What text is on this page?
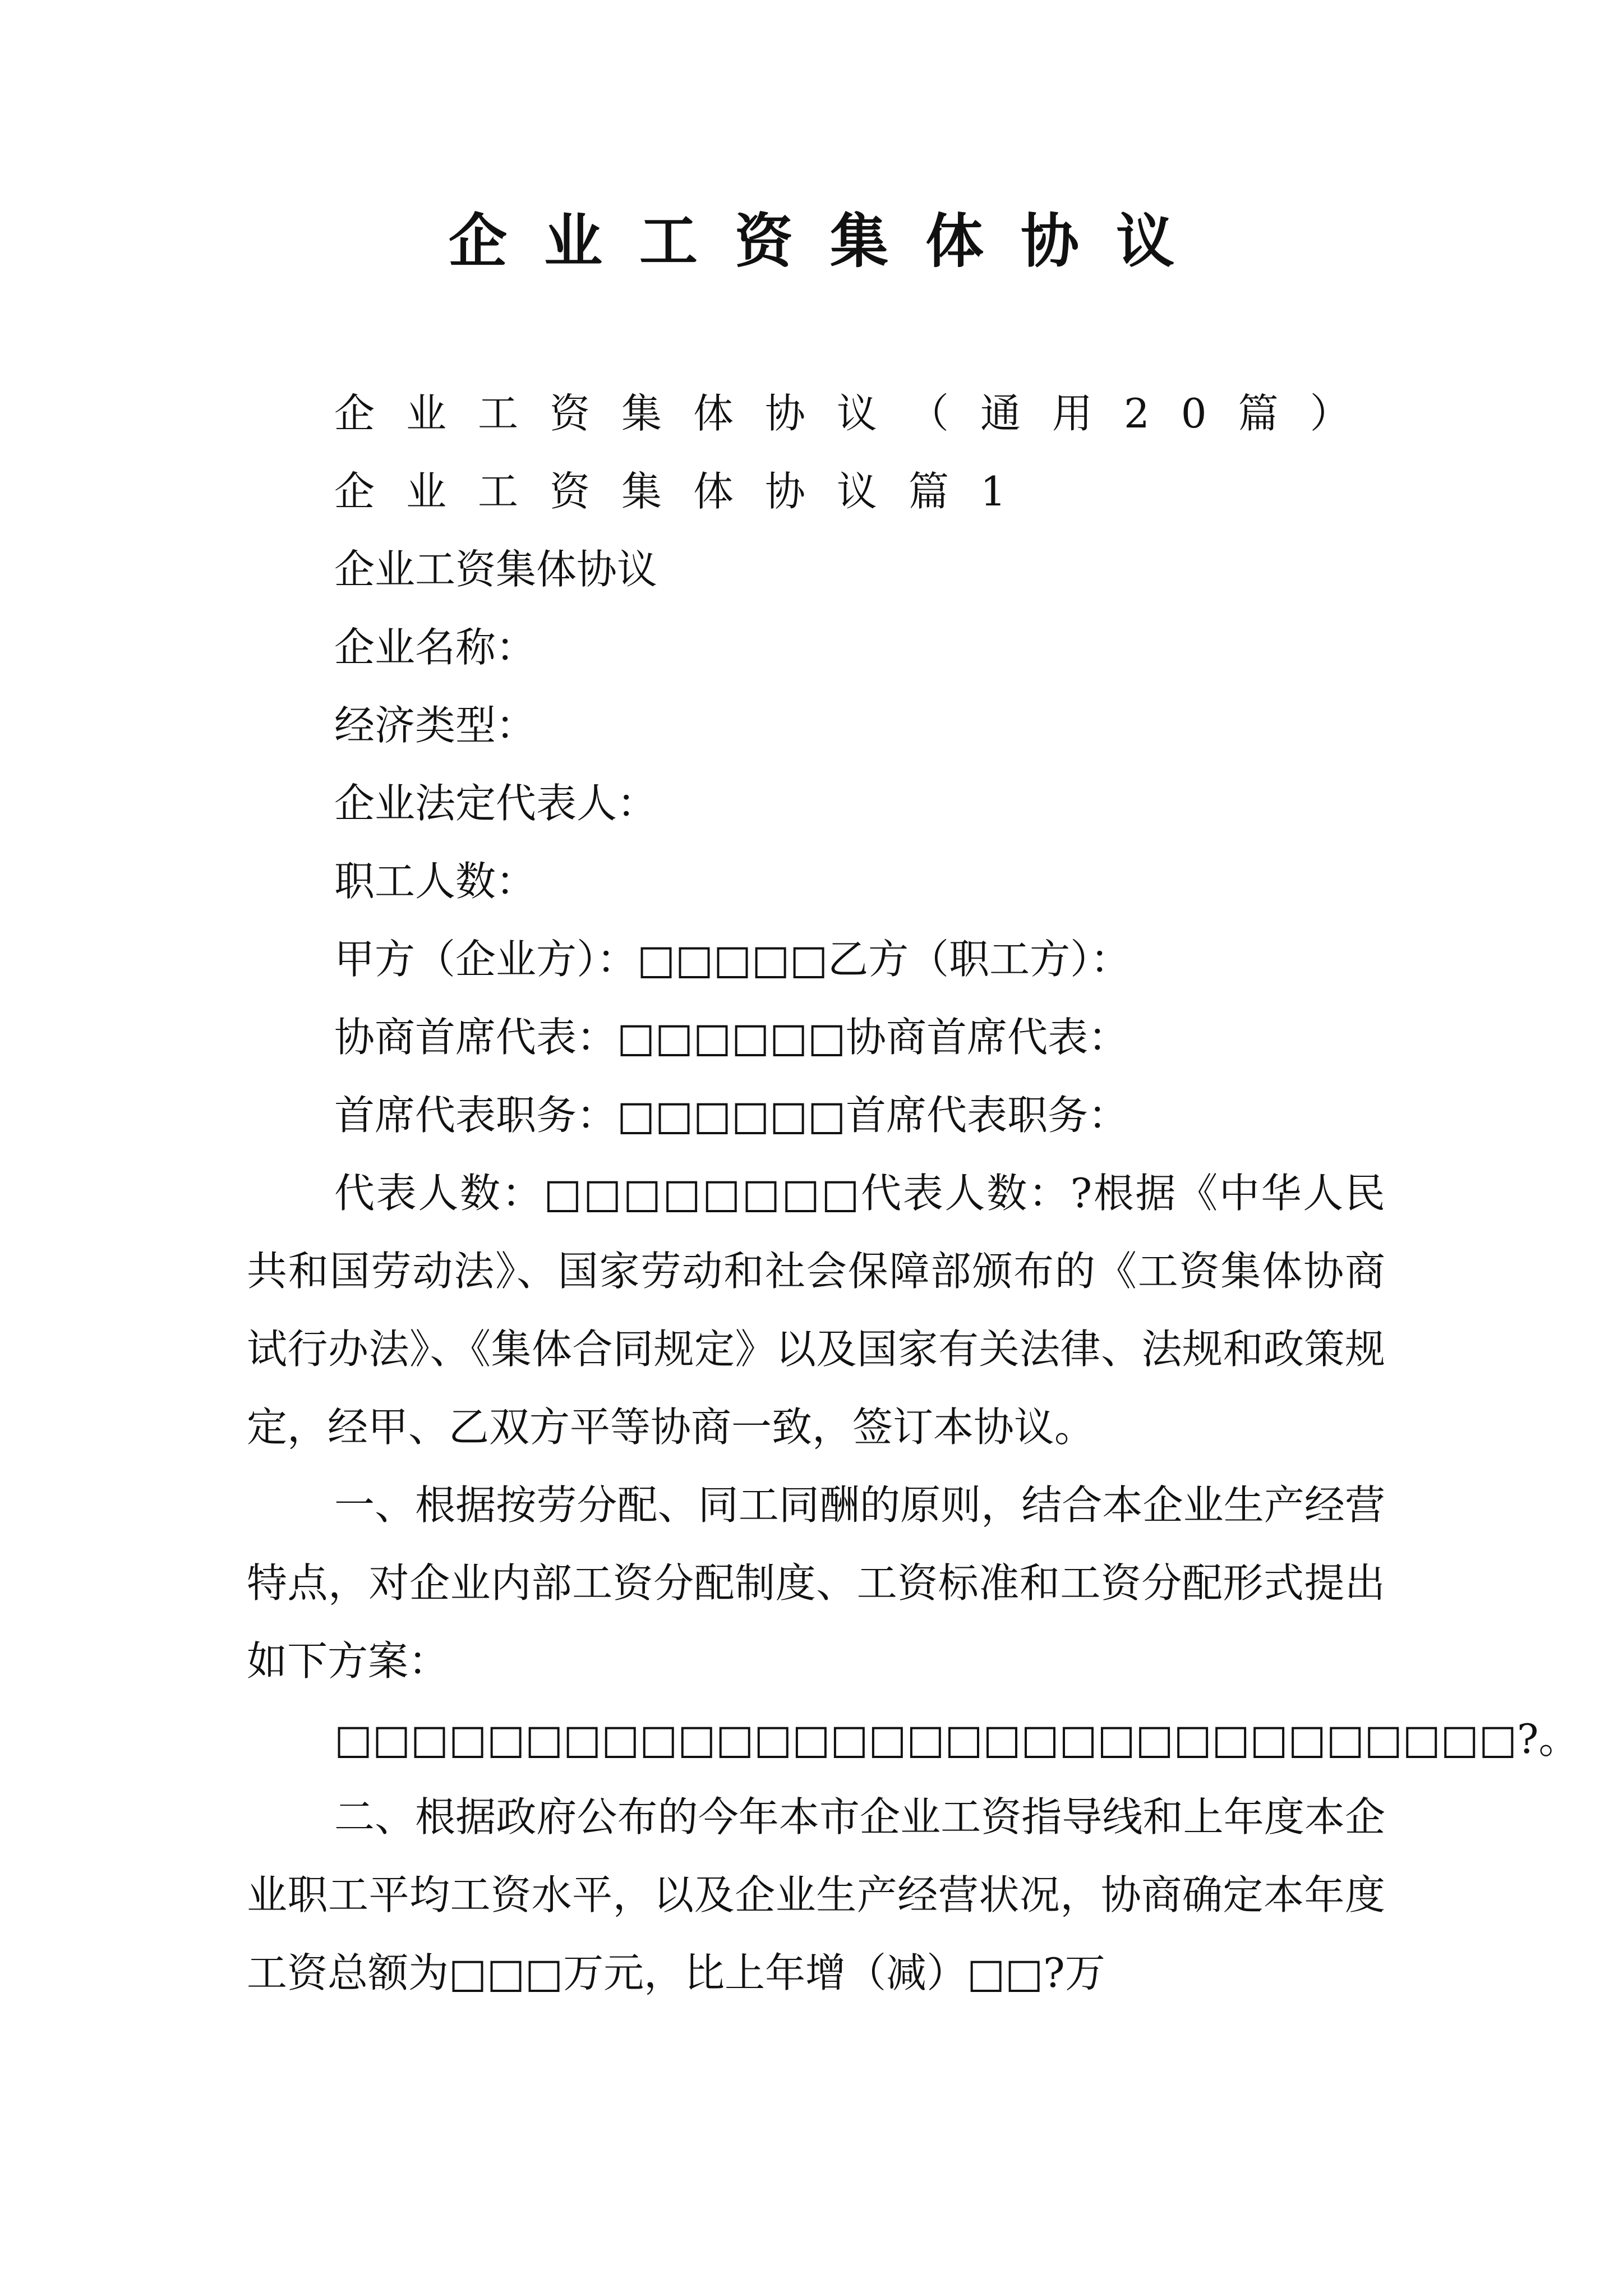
企业工资集体协议

企业工资集体协议（通用20篇）

企业工资集体协议篇1

企业工资集体协议

企业名称：

经济类型：

企业法定代表人：

职工人数：

甲方（企业方）：□□□□□乙方（职工方）：

协商首席代表：□□□□□□协商首席代表：

首席代表职务：□□□□□□首席代表职务：

代表人数：□□□□□□□□代表人数：?根据《中华人民共和国劳动法》、国家劳动和社会保障部颁布的《工资集体协商试行办法》、《集体合同规定》以及国家有关法律、法规和政策规定，经甲、乙双方平等协商一致，签订本协议。

一、根据按劳分配、同工同酬的原则，结合本企业生产经营特点，对企业内部工资分配制度、工资标准和工资分配形式提出如下方案：

□□□□□□□□□□□□□□□□□□□□□□□□□□□□□□□?。

二、根据政府公布的今年本市企业工资指导线和上年度本企业职工平均工资水平，以及企业生产经营状况，协商确定本年度工资总额为□□□万元，比上年增（减）□□?万
